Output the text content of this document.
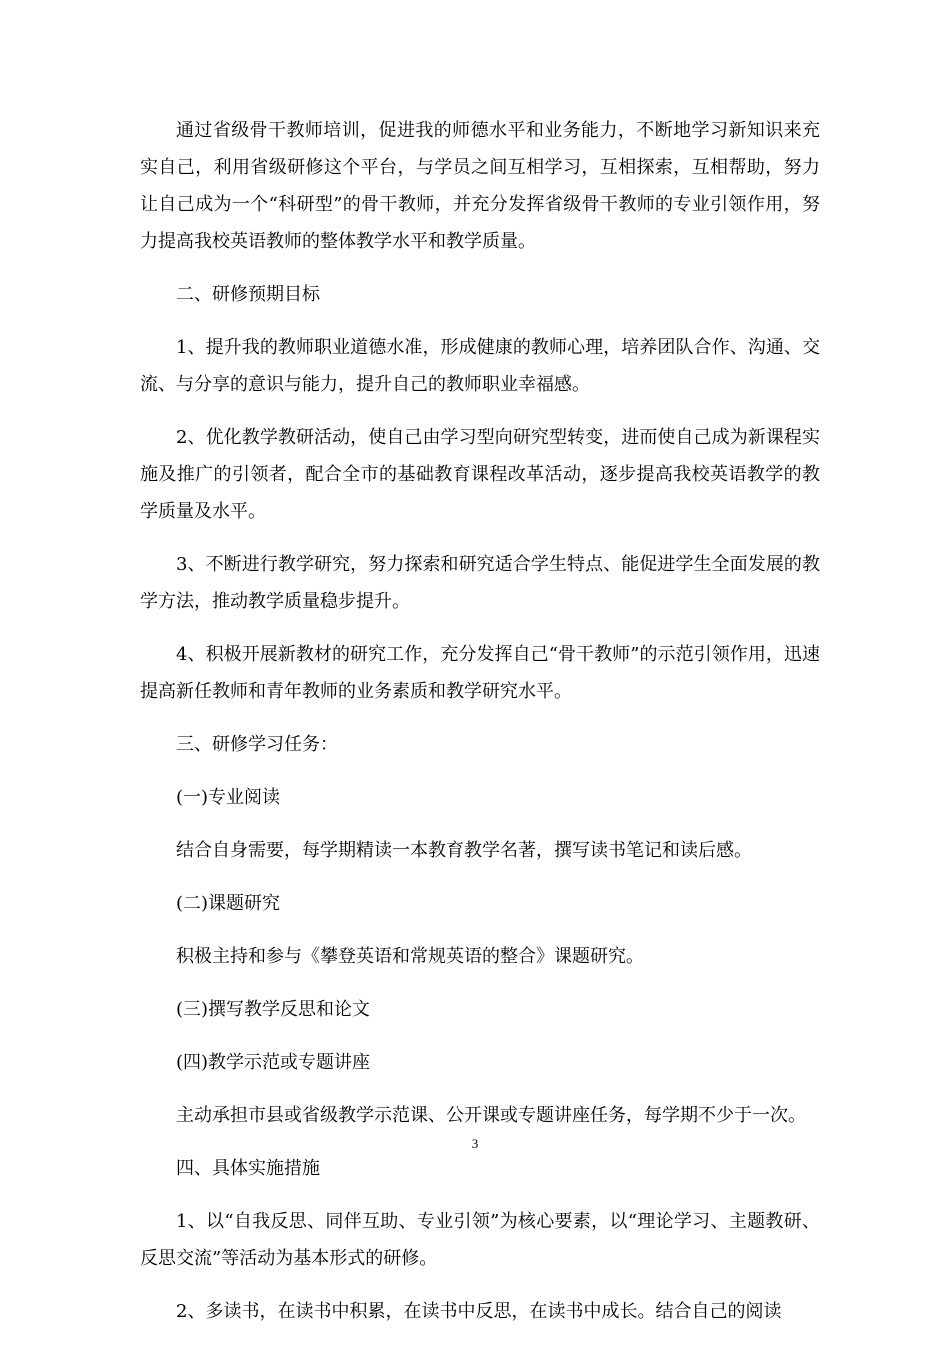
通过省级骨干教师培训，促进我的师德水平和业务能力，不断地学习新知识来充实自己，利用省级研修这个平台，与学员之间互相学习，互相探索，互相帮助，努力让自己成为一个“科研型”的骨干教师，并充分发挥省级骨干教师的专业引领作用，努力提高我校英语教师的整体教学水平和教学质量。

二、研修预期目标

1、提升我的教师职业道德水准，形成健康的教师心理，培养团队合作、沟通、交流、与分享的意识与能力，提升自己的教师职业幸福感。

2、优化教学教研活动，使自己由学习型向研究型转变，进而使自己成为新课程实施及推广的引领者，配合全市的基础教育课程改革活动，逐步提高我校英语教学的教学质量及水平。

3、不断进行教学研究，努力探索和研究适合学生特点、能促进学生全面发展的教学方法，推动教学质量稳步提升。

4、积极开展新教材的研究工作，充分发挥自己“骨干教师”的示范引领作用，迅速提高新任教师和青年教师的业务素质和教学研究水平。

三、研修学习任务：

(一)专业阅读

结合自身需要，每学期精读一本教育教学名著，撰写读书笔记和读后感。

(二)课题研究

积极主持和参与《攀登英语和常规英语的整合》课题研究。

(三)撰写教学反思和论文

(四)教学示范或专题讲座

主动承担市县或省级教学示范课、公开课或专题讲座任务，每学期不少于一次。

四、具体实施措施

1、以“自我反思、同伴互助、专业引领”为核心要素，以“理论学习、主题教研、反思交流”等活动为基本形式的研修。

2、多读书，在读书中积累，在读书中反思，在读书中成长。结合自己的阅读

3
